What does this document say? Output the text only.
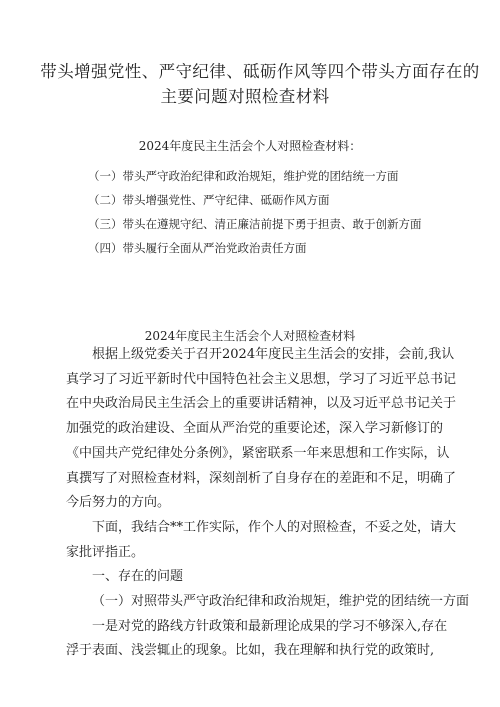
带头增强党性、严守纪律、砥砺作风等四个带头方面存在的
主要问题对照检查材料
2024年度民主生活会个人对照检查材料：
（一）带头严守政治纪律和政治规矩，维护党的团结统一方面
（二）带头增强党性、严守纪律、砥砺作风方面
（三）带头在遵规守纪、清正廉洁前提下勇于担责、敢于创新方面
（四）带头履行全面从严治党政治责任方面
2024年度民主生活会个人对照检查材料
根据上级党委关于召开2024年度民主生活会的安排，会前,我认
真学习了习近平新时代中国特色社会主义思想，学习了习近平总书记
在中央政治局民主生活会上的重要讲话精神，以及习近平总书记关于
加强党的政治建设、全面从严治党的重要论述，深入学习新修订的
《中国共产党纪律处分条例》，紧密联系一年来思想和工作实际，认
真撰写了对照检查材料，深刻剖析了自身存在的差距和不足，明确了
今后努力的方向。
下面，我结合**工作实际，作个人的对照检查，不妥之处，请大
家批评指正。
一、存在的问题
（一）对照带头严守政治纪律和政治规矩，维护党的团结统一方面
一是对党的路线方针政策和最新理论成果的学习不够深入,存在
浮于表面、浅尝辄止的现象。比如，我在理解和执行党的政策时,
